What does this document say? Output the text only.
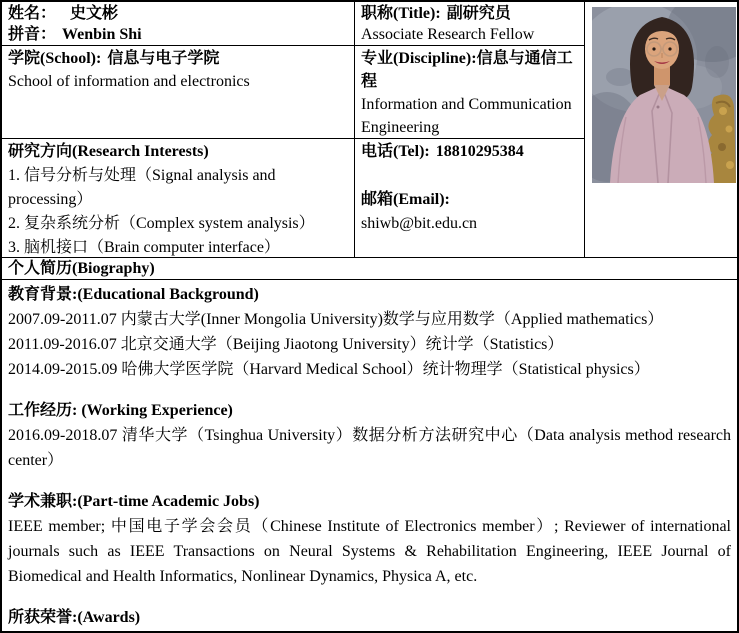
姓名： 史文彬
拼音： Wenbin Shi
职称(Title): 副研究员
Associate Research Fellow
学院(School): 信息与电子学院
School of information and electronics
专业(Discipline):信息与通信工程
Information and Communication Engineering
研究方向(Research Interests)
1. 信号分析与处理（Signal analysis and processing）
2. 复杂系统分析（Complex system analysis）
3. 脑机接口（Brain computer interface）
电话(Tel): 18810295384
邮箱(Email):
shiwb@bit.edu.cn
个人简历(Biography)

教育背景:(Educational Background)

2007.09-2011.07 内蒙古大学(Inner Mongolia University)数学与应用数学（Applied mathematics）

2011.09-2016.07 北京交通大学（Beijing Jiaotong University）统计学（Statistics）

2014.09-2015.09 哈佛大学医学院（Harvard Medical School）统计物理学（Statistical physics）

工作经历: (Working Experience)

2016.09-2018.07 清华大学（Tsinghua University）数据分析方法研究中心（Data analysis method research center）

学术兼职:(Part-time Academic Jobs)

IEEE member; 中国电子学会会员（Chinese Institute of Electronics member）; Reviewer of international journals such as IEEE Transactions on Neural Systems & Rehabilitation Engineering, IEEE Journal of Biomedical and Health Informatics, Nonlinear Dynamics, Physica A, etc.

所获荣誉:(Awards)
